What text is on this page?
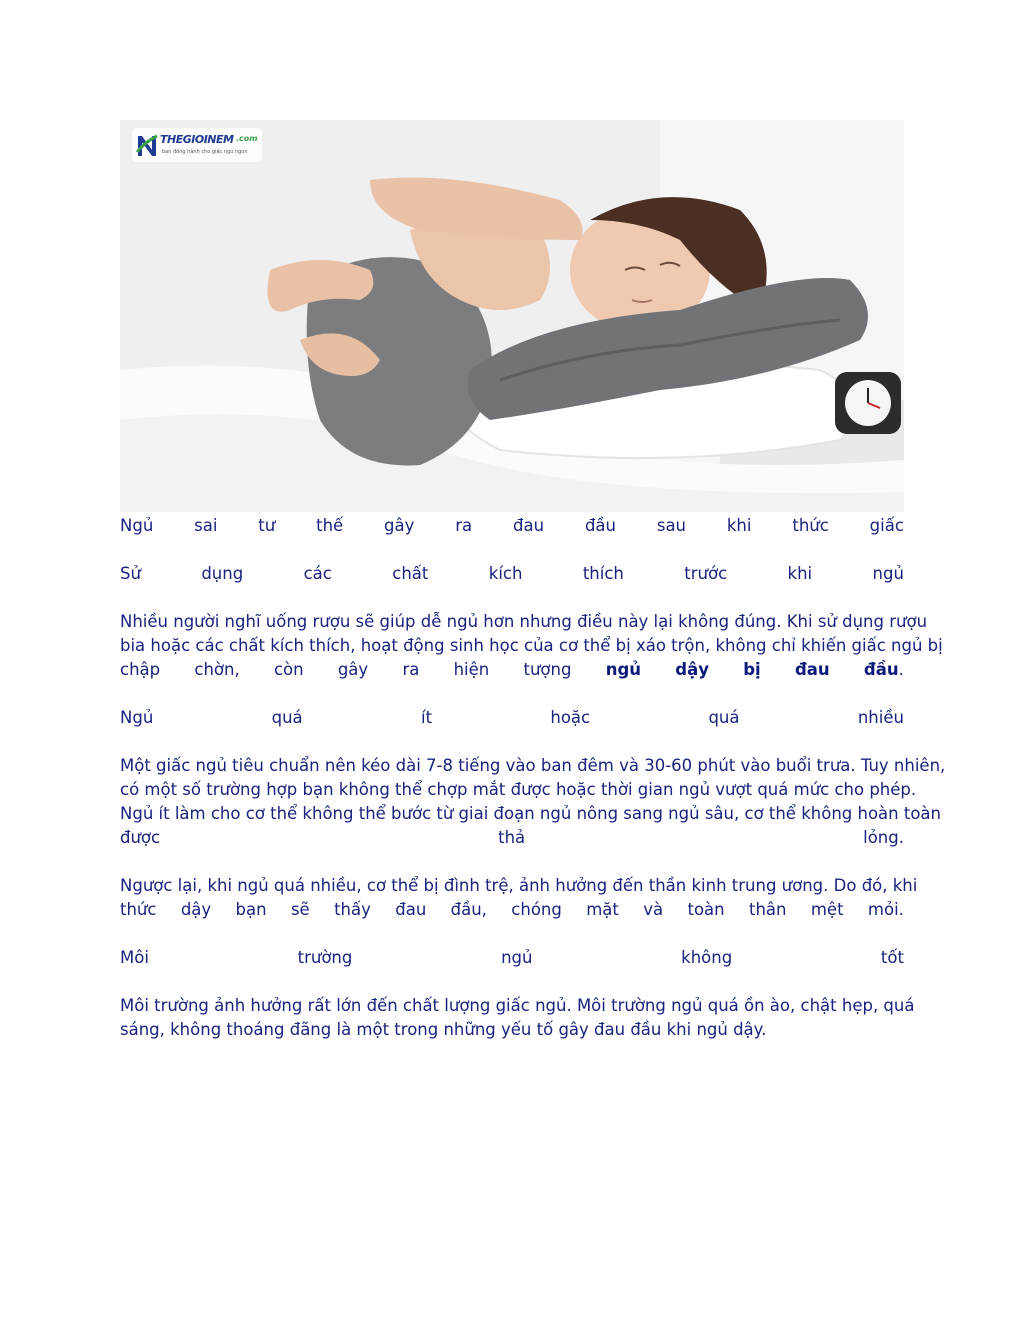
THEGIOINEM .com
bạn đồng hành cho giấc ngủ ngon
Ngủ sai tư thế gây ra đau đầu sau khi thức giấc
Sử	dụng	các	chất	kích	thích	trước	khi	ngủ
Nhiều người nghĩ uống rượu sẽ giúp dễ ngủ hơn nhưng điều này lại không đúng. Khi sử dụng rượu
bia hoặc các chất kích thích, hoạt động sinh học của cơ thể bị xáo trộn, không chỉ khiến giấc ngủ bị
chập chờn, còn gây ra hiện tượng ngủ dậy bị đau đầu.
Ngủ	quá	ít	hoặc	quá	nhiều
Một giấc ngủ tiêu chuẩn nên kéo dài 7-8 tiếng vào ban đêm và 30-60 phút vào buổi trưa. Tuy nhiên,
có một số trường hợp bạn không thể chợp mắt được hoặc thời gian ngủ vượt quá mức cho phép.
Ngủ ít làm cho cơ thể không thể bước từ giai đoạn ngủ nông sang ngủ sâu, cơ thể không hoàn toàn
được	thả	lỏng.
Ngược lại, khi ngủ quá nhiều, cơ thể bị đình trệ, ảnh hưởng đến thần kinh trung ương. Do đó, khi
thức dậy bạn sẽ thấy đau đầu, chóng mặt và toàn thân mệt mỏi.
Môi	trường	ngủ	không	tốt
Môi trường ảnh hưởng rất lớn đến chất lượng giấc ngủ. Môi trường ngủ quá ồn ào, chật hẹp, quá
sáng, không thoáng đãng là một trong những yếu tố gây đau đầu khi ngủ dậy.
